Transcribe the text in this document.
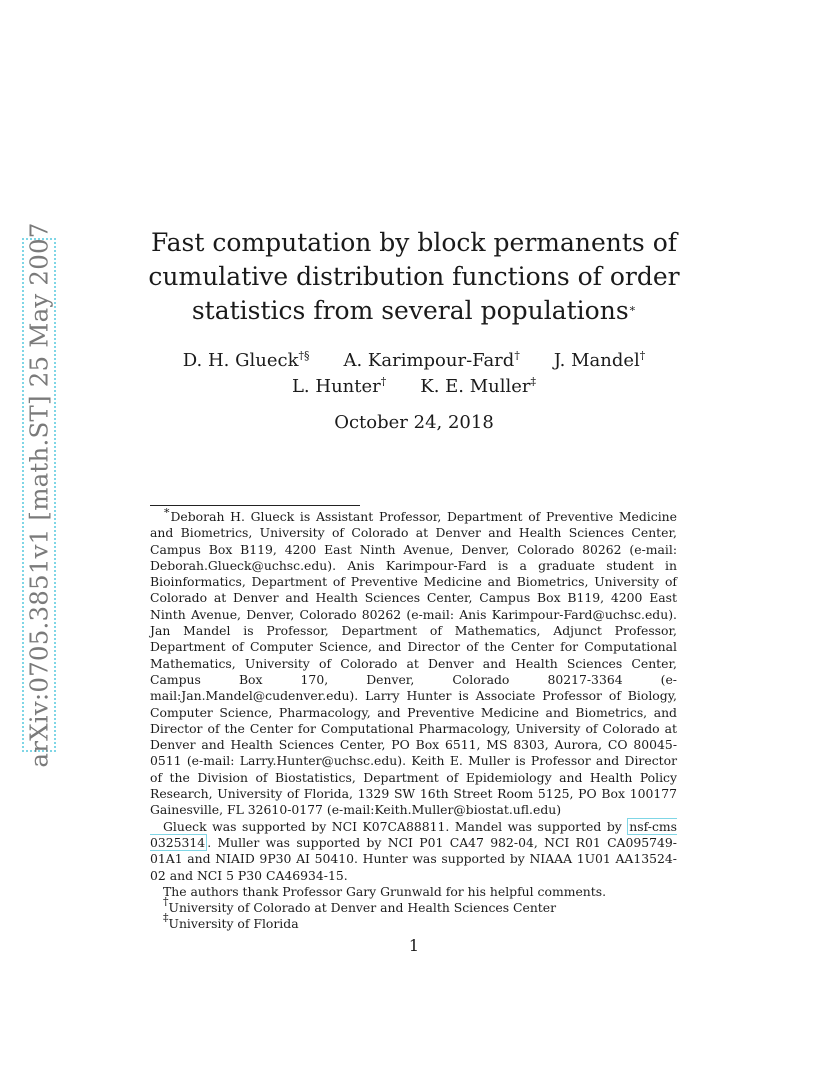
arXiv:0705.3851v1 [math.ST] 25 May 2007	Fast computation by block permanents of
cumulative distribution functions of order
statistics from several populations∗
D. H. Glueck†§ A. Karimpour-Fard† J. Mandel†
L. Hunter† K. E. Muller‡
October 24, 2018

∗Deborah H. Glueck is Assistant Professor, Department of Preventive Medicine and Biometrics, University of Colorado at Denver and Health Sciences Center, Campus Box B119, 4200 East Ninth Avenue, Denver, Colorado 80262 (e-mail: Deborah.Glueck@uchsc.edu). Anis Karimpour-Fard is a graduate student in Bioinformatics, Department of Preventive Medicine and Biometrics, University of Colorado at Denver and Health Sciences Center, Campus Box B119, 4200 East Ninth Avenue, Denver, Colorado 80262 (e-mail: Anis Karimpour-Fard@uchsc.edu). Jan Mandel is Professor, Department of Mathematics, Adjunct Professor, Department of Computer Science, and Director of the Center for Computational Mathematics, University of Colorado at Denver and Health Sciences Center, Campus Box 170, Denver, Colorado 80217-3364 (e-mail:Jan.Mandel@cudenver.edu). Larry Hunter is Associate Professor of Biology, Computer Science, Pharmacology, and Preventive Medicine and Biometrics, and Director of the Center for Computational Pharmacology, University of Colorado at Denver and Health Sciences Center, PO Box 6511, MS 8303, Aurora, CO 80045-0511 (e-mail: Larry.Hunter@uchsc.edu). Keith E. Muller is Professor and Director of the Division of Biostatistics, Department of Epidemiology and Health Policy Research, University of Florida, 1329 SW 16th Street Room 5125, PO Box 100177 Gainesville, FL 32610-0177 (e-mail:Keith.Muller@biostat.ufl.edu)

Glueck was supported by NCI K07CA88811. Mandel was supported by nsf-cms 0325314 . Muller was supported by NCI P01 CA47 982-04, NCI R01 CA095749-01A1 and NIAID 9P30 AI 50410. Hunter was supported by NIAAA 1U01 AA13524-02 and NCI 5 P30 CA46934-15.

The authors thank Professor Gary Grunwald for his helpful comments.

†University of Colorado at Denver and Health Sciences Center

‡University of Florida

1
